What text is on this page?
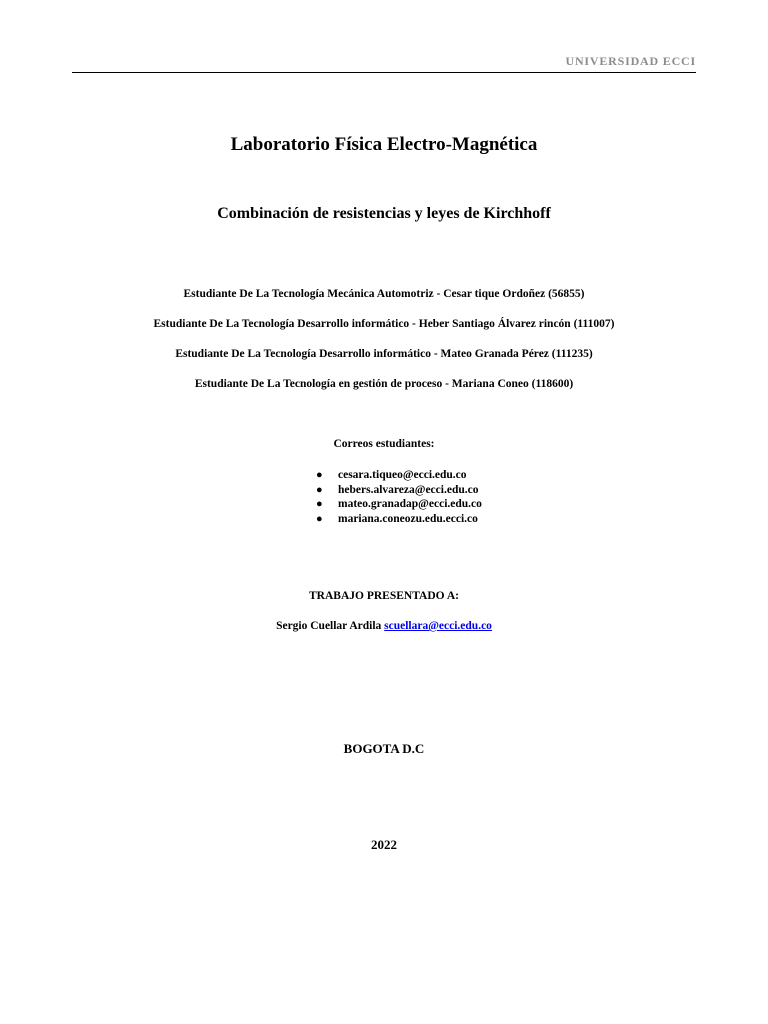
UNIVERSIDAD ECCI
Laboratorio Física Electro-Magnética
Combinación de resistencias y leyes de Kirchhoff
Estudiante De La Tecnología Mecánica Automotriz - Cesar tique Ordoñez (56855)
Estudiante De La Tecnología Desarrollo informático - Heber Santiago Álvarez rincón (111007)
Estudiante De La Tecnología Desarrollo informático - Mateo Granada Pérez (111235)
Estudiante De La Tecnología en gestión de proceso - Mariana Coneo (118600)
Correos estudiantes:
● cesara.tiqueo@ecci.edu.co
● hebers.alvareza@ecci.edu.co
● mateo.granadap@ecci.edu.co
● mariana.coneozu.edu.ecci.co
TRABAJO PRESENTADO A:
Sergio Cuellar Ardila scuellara@ecci.edu.co
BOGOTA D.C
2022
